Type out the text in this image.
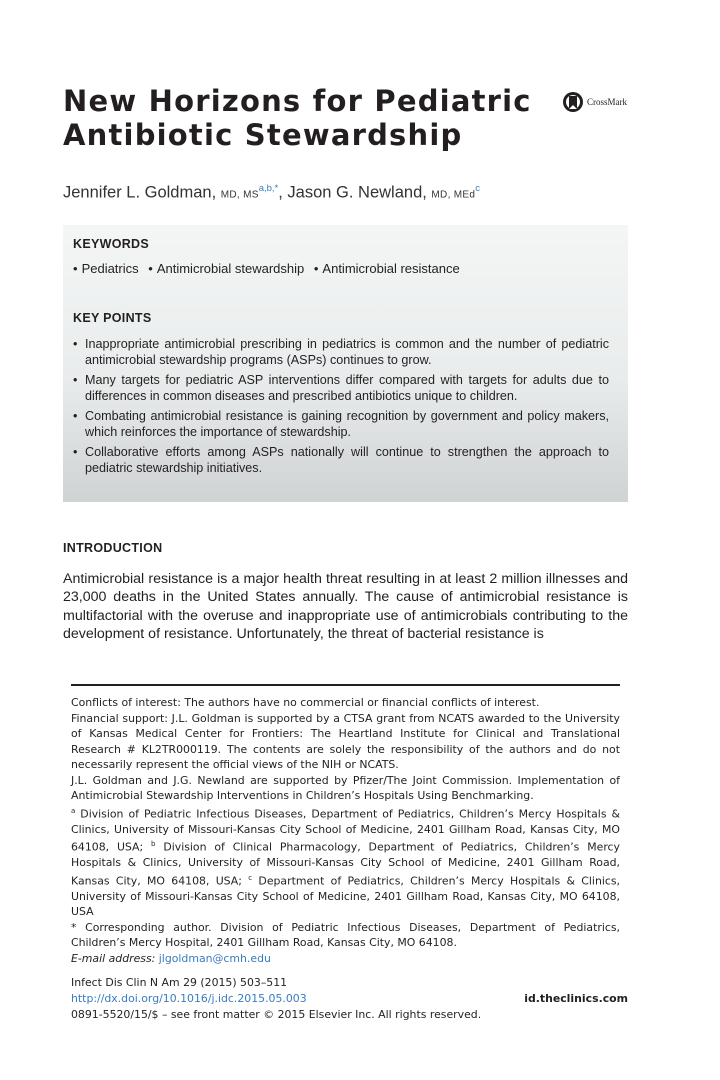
New Horizons for Pediatric Antibiotic Stewardship
CrossMark
Jennifer L. Goldman, MD, $MS^{a,b,*}$, Jason G. Newland, MD, MEd$^c$
KEYWORDS
• Pediatrics • Antimicrobial stewardship • Antimicrobial resistance
KEY POINTS
• Inappropriate antimicrobial prescribing in pediatrics is common and the number of pediatric antimicrobial stewardship programs (ASPs) continues to grow.
• Many targets for pediatric ASP interventions differ compared with targets for adults due to differences in common diseases and prescribed antibiotics unique to children.
• Combating antimicrobial resistance is gaining recognition by government and policy makers, which reinforces the importance of stewardship.
• Collaborative efforts among ASPs nationally will continue to strengthen the approach to pediatric stewardship initiatives.
INTRODUCTION

Antimicrobial resistance is a major health threat resulting in at least 2 million illnesses and 23,000 deaths in the United States annually. The cause of antimicrobial resistance is multifactorial with the overuse and inappropriate use of antimicrobials contributing to the development of resistance. Unfortunately, the threat of bacterial resistance is

Conflicts of interest: The authors have no commercial or financial conflicts of interest.

Financial support: J.L. Goldman is supported by a CTSA grant from NCATS awarded to the University of Kansas Medical Center for Frontiers: The Heartland Institute for Clinical and Translational Research # KL2TR000119. The contents are solely the responsibility of the authors and do not necessarily represent the official views of the NIH or NCATS.

J.L. Goldman and J.G. Newland are supported by Pfizer/The Joint Commission. Implementation of Antimicrobial Stewardship Interventions in Children’s Hospitals Using Benchmarking.

$^a$ Division of Pediatric Infectious Diseases, Department of Pediatrics, Children’s Mercy Hospitals & Clinics, University of Missouri-Kansas City School of Medicine, 2401 Gillham Road, Kansas City, MO 64108, USA; $^b$ Division of Clinical Pharmacology, Department of Pediatrics, Children’s Mercy Hospitals & Clinics, University of Missouri-Kansas City School of Medicine, 2401 Gillham Road, Kansas City, MO 64108, USA; $^c$ Department of Pediatrics, Children’s Mercy Hospitals & Clinics, University of Missouri-Kansas City School of Medicine, 2401 Gillham Road, Kansas City, MO 64108, USA

* Corresponding author. Division of Pediatric Infectious Diseases, Department of Pediatrics, Children’s Mercy Hospital, 2401 Gillham Road, Kansas City, MO 64108.

E-mail address: jlgoldman@cmh.edu

Infect Dis Clin N Am 29 (2015) 503–511

http://dx.doi.org/10.1016/j.idc.2015.05.003	id.theclinics.com

0891-5520/15/$ – see front matter © 2015 Elsevier Inc. All rights reserved.
